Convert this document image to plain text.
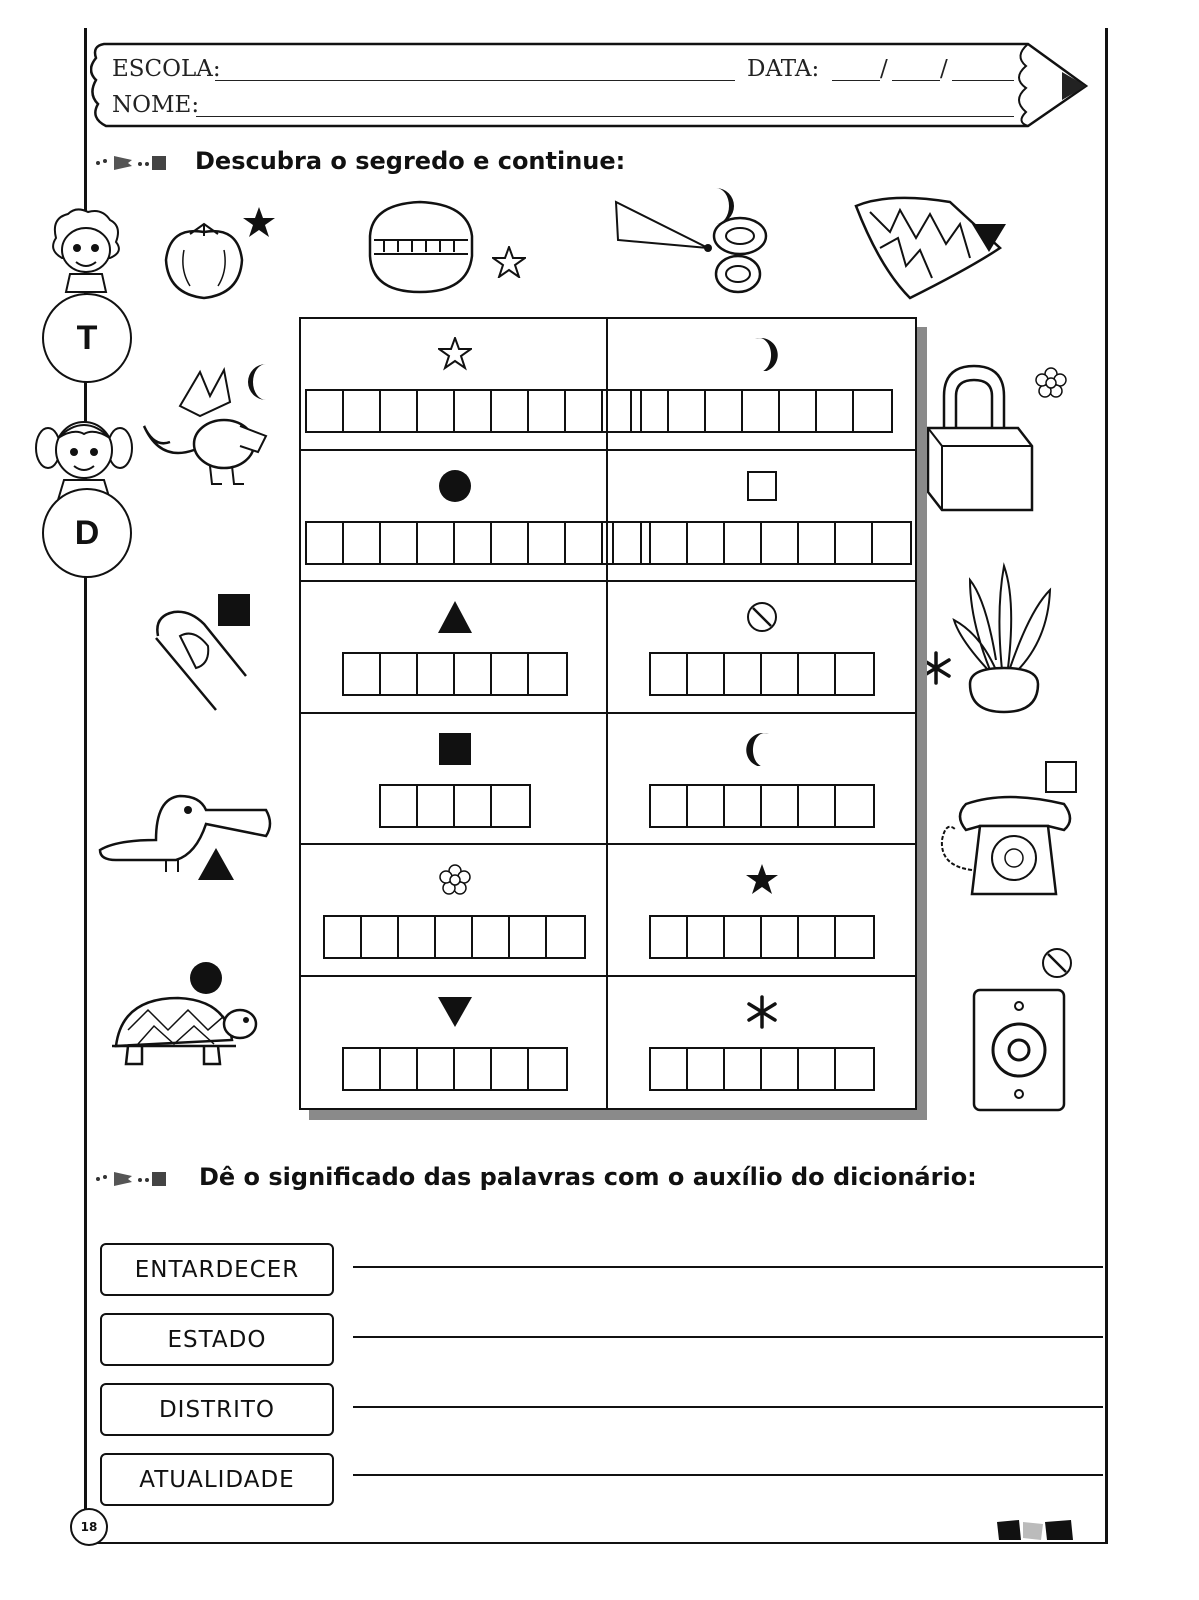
ESCOLA:	DATA:	/ /
NOME:
Descubra o segredo e continue:
T
D
Dê o significado das palavras com o auxílio do dicionário:
ENTARDECER
ESTADO
DISTRITO
ATUALIDADE
18
